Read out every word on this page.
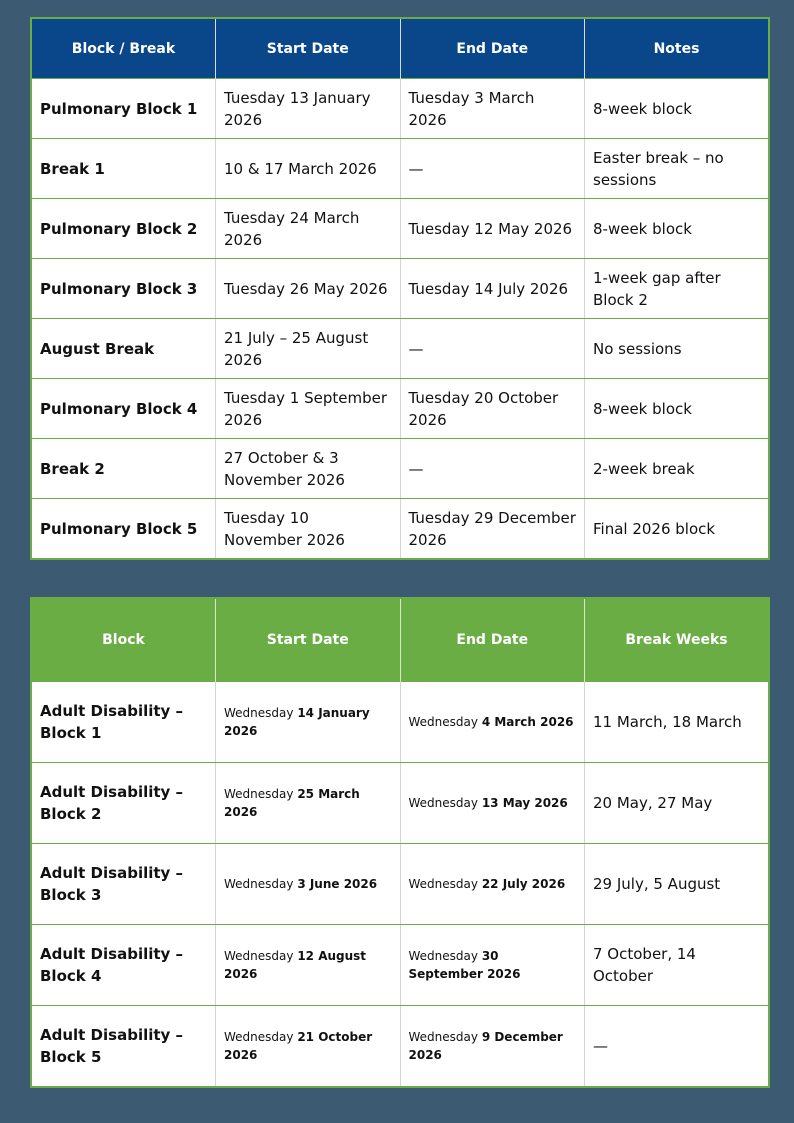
Block / Break	Start Date	End Date	Notes
Pulmonary Block 1	Tuesday 13 January 2026	Tuesday 3 March 2026	8-week block
Break 1	10 & 17 March 2026	—	Easter break – no sessions
Pulmonary Block 2	Tuesday 24 March 2026	Tuesday 12 May 2026	8-week block
Pulmonary Block 3	Tuesday 26 May 2026	Tuesday 14 July 2026	1-week gap after Block 2
August Break	21 July – 25 August 2026	—	No sessions
Pulmonary Block 4	Tuesday 1 September 2026	Tuesday 20 October 2026	8-week block
Break 2	27 October & 3 November 2026	—	2-week break
Pulmonary Block 5	Tuesday 10 November 2026	Tuesday 29 December 2026	Final 2026 block
Block	Start Date	End Date	Break Weeks
Adult Disability – Block 1	Wednesday 14 January 2026	Wednesday 4 March 2026	11 March, 18 March
Adult Disability – Block 2	Wednesday 25 March 2026	Wednesday 13 May 2026	20 May, 27 May
Adult Disability – Block 3	Wednesday 3 June 2026	Wednesday 22 July 2026	29 July, 5 August
Adult Disability – Block 4	Wednesday 12 August 2026	Wednesday 30 September 2026	7 October, 14 October
Adult Disability – Block 5	Wednesday 21 October 2026	Wednesday 9 December 2026	—
